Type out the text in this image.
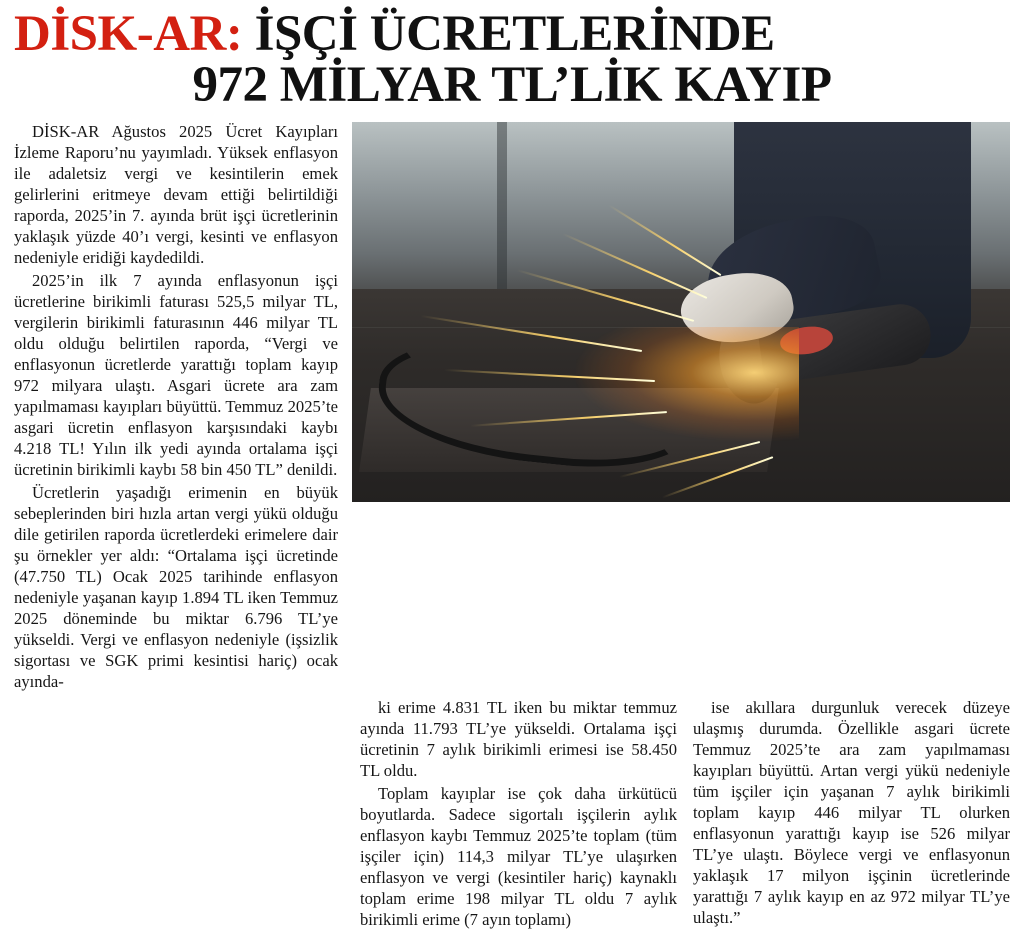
DİSK-AR: İŞÇİ ÜCRETLERİNDE
972 MİLYAR TL’LİK KAYIP

DİSK-AR Ağustos 2025 Ücret Kayıpları İzleme Raporu’nu yayımladı. Yüksek enflasyon ile adaletsiz vergi ve kesintilerin emek gelirlerini eritmeye devam ettiği belirtildiği raporda, 2025’in 7. ayında brüt işçi ücretlerinin yaklaşık yüzde 40’ı vergi, kesinti ve enflasyon nedeniyle eridiği kaydedildi.

2025’in ilk 7 ayında enflasyonun işçi ücretlerine birikimli faturası 525,5 milyar TL, vergilerin birikimli faturasının 446 milyar TL oldu olduğu belirtilen raporda, “Vergi ve enflasyonun ücretlerde yarattığı toplam kayıp 972 milyara ulaştı. Asgari ücrete ara zam yapılmaması kayıpları büyüttü. Temmuz 2025’te asgari ücretin enflasyon karşısındaki kaybı 4.218 TL! Yılın ilk yedi ayında ortalama işçi ücretinin birikimli kaybı 58 bin 450 TL” denildi.

Ücretlerin yaşadığı erimenin en büyük sebeplerinden biri hızla artan vergi yükü olduğu dile getirilen raporda ücretlerdeki erimelere dair şu örnekler yer aldı: “Ortalama işçi ücretinde (47.750 TL) Ocak 2025 tarihinde enflasyon nedeniyle yaşanan kayıp 1.894 TL iken Temmuz 2025 döneminde bu miktar 6.796 TL’ye yükseldi. Vergi ve enflasyon nedeniyle (işsizlik sigortası ve SGK primi kesintisi hariç) ocak ayında-

ki erime 4.831 TL iken bu miktar temmuz ayında 11.793 TL’ye yükseldi. Ortalama işçi ücretinin 7 aylık birikimli erimesi ise 58.450 TL oldu.

Toplam kayıplar ise çok daha ürkütücü boyutlarda. Sadece sigortalı işçilerin aylık enflasyon kaybı Temmuz 2025’te toplam (tüm işçiler için) 114,3 milyar TL’ye ulaşırken enflasyon ve vergi (kesintiler hariç) kaynaklı toplam erime 198 milyar TL oldu 7 aylık birikimli erime (7 ayın toplamı)

ise akıllara durgunluk verecek düzeye ulaşmış durumda. Özellikle asgari ücrete Temmuz 2025’te ara zam yapılmaması kayıpları büyüttü. Artan vergi yükü nedeniyle tüm işçiler için yaşanan 7 aylık birikimli toplam kayıp 446 milyar TL olurken enflasyonun yarattığı kayıp ise 526 milyar TL’ye ulaştı. Böylece vergi ve enflasyonun yaklaşık 17 milyon işçinin ücretlerinde yarattığı 7 aylık kayıp en az 972 milyar TL’ye ulaştı.”
